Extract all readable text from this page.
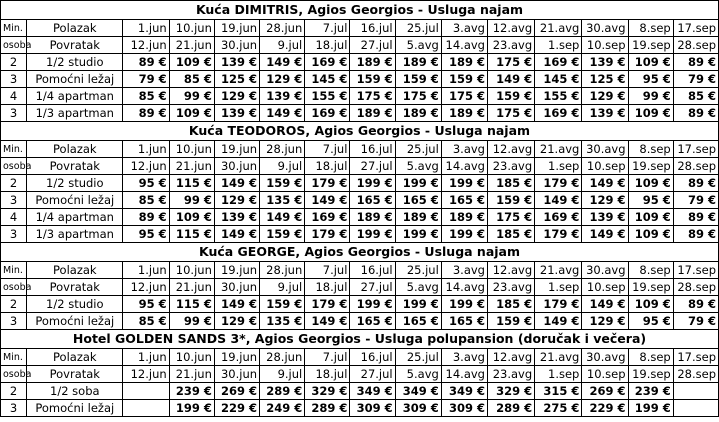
Kuća DIMITRIS, Agios Georgios - Usluga najam														
Min.	Polazak	1.jun	10.jun	19.jun	28.jun	7.jul	16.jul	25.jul	3.avg	12.avg	21.avg	30.avg	8.sep	17.sep
osoba	Povratak	12.jun	21.jun	30.jun	9.jul	18.jul	27.jul	5.avg	14.avg	23.avg	1.sep	10.sep	19.sep	28.sep
2	1/2 studio	89 €	109 €	139 €	149 €	169 €	189 €	189 €	189 €	175 €	169 €	139 €	109 €	89 €
3	Pomoćni ležaj	79 €	85 €	125 €	129 €	145 €	159 €	159 €	159 €	149 €	145 €	125 €	95 €	79 €
4	1/4 apartman	85 €	99 €	129 €	139 €	155 €	175 €	175 €	175 €	159 €	155 €	129 €	99 €	85 €
3	1/3 apartman	89 €	109 €	139 €	149 €	169 €	189 €	189 €	189 €	175 €	169 €	139 €	109 €	89 €
Kuća TEODOROS, Agios Georgios - Usluga najam														
Min.	Polazak	1.jun	10.jun	19.jun	28.jun	7.jul	16.jul	25.jul	3.avg	12.avg	21.avg	30.avg	8.sep	17.sep
osoba	Povratak	12.jun	21.jun	30.jun	9.jul	18.jul	27.jul	5.avg	14.avg	23.avg	1.sep	10.sep	19.sep	28.sep
2	1/2 studio	95 €	115 €	149 €	159 €	179 €	199 €	199 €	199 €	185 €	179 €	149 €	109 €	89 €
3	Pomoćni ležaj	85 €	99 €	129 €	135 €	149 €	165 €	165 €	165 €	159 €	149 €	129 €	95 €	79 €
4	1/4 apartman	89 €	109 €	139 €	149 €	169 €	189 €	189 €	189 €	175 €	169 €	139 €	109 €	89 €
3	1/3 apartman	95 €	115 €	149 €	159 €	179 €	199 €	199 €	199 €	185 €	179 €	149 €	109 €	89 €
Kuća GEORGE, Agios Georgios - Usluga najam														
Min.	Polazak	1.jun	10.jun	19.jun	28.jun	7.jul	16.jul	25.jul	3.avg	12.avg	21.avg	30.avg	8.sep	17.sep
osoba	Povratak	12.jun	21.jun	30.jun	9.jul	18.jul	27.jul	5.avg	14.avg	23.avg	1.sep	10.sep	19.sep	28.sep
2	1/2 studio	95 €	115 €	149 €	159 €	179 €	199 €	199 €	199 €	185 €	179 €	149 €	109 €	89 €
3	Pomoćni ležaj	85 €	99 €	129 €	135 €	149 €	165 €	165 €	165 €	159 €	149 €	129 €	95 €	79 €
Hotel GOLDEN SANDS 3*, Agios Georgios - Usluga polupansion (doručak i večera)														
Min.	Polazak	1.jun	10.jun	19.jun	28.jun	7.jul	16.jul	25.jul	3.avg	12.avg	21.avg	30.avg	8.sep	17.sep
osoba	Povratak	12.jun	21.jun	30.jun	9.jul	18.jul	27.jul	5.avg	14.avg	23.avg	1.sep	10.sep	19.sep	28.sep
2	1/2 soba		239 €	269 €	289 €	329 €	349 €	349 €	349 €	329 €	315 €	269 €	239 €	
3	Pomoćni ležaj		199 €	229 €	249 €	289 €	309 €	309 €	309 €	289 €	275 €	229 €	199 €	
